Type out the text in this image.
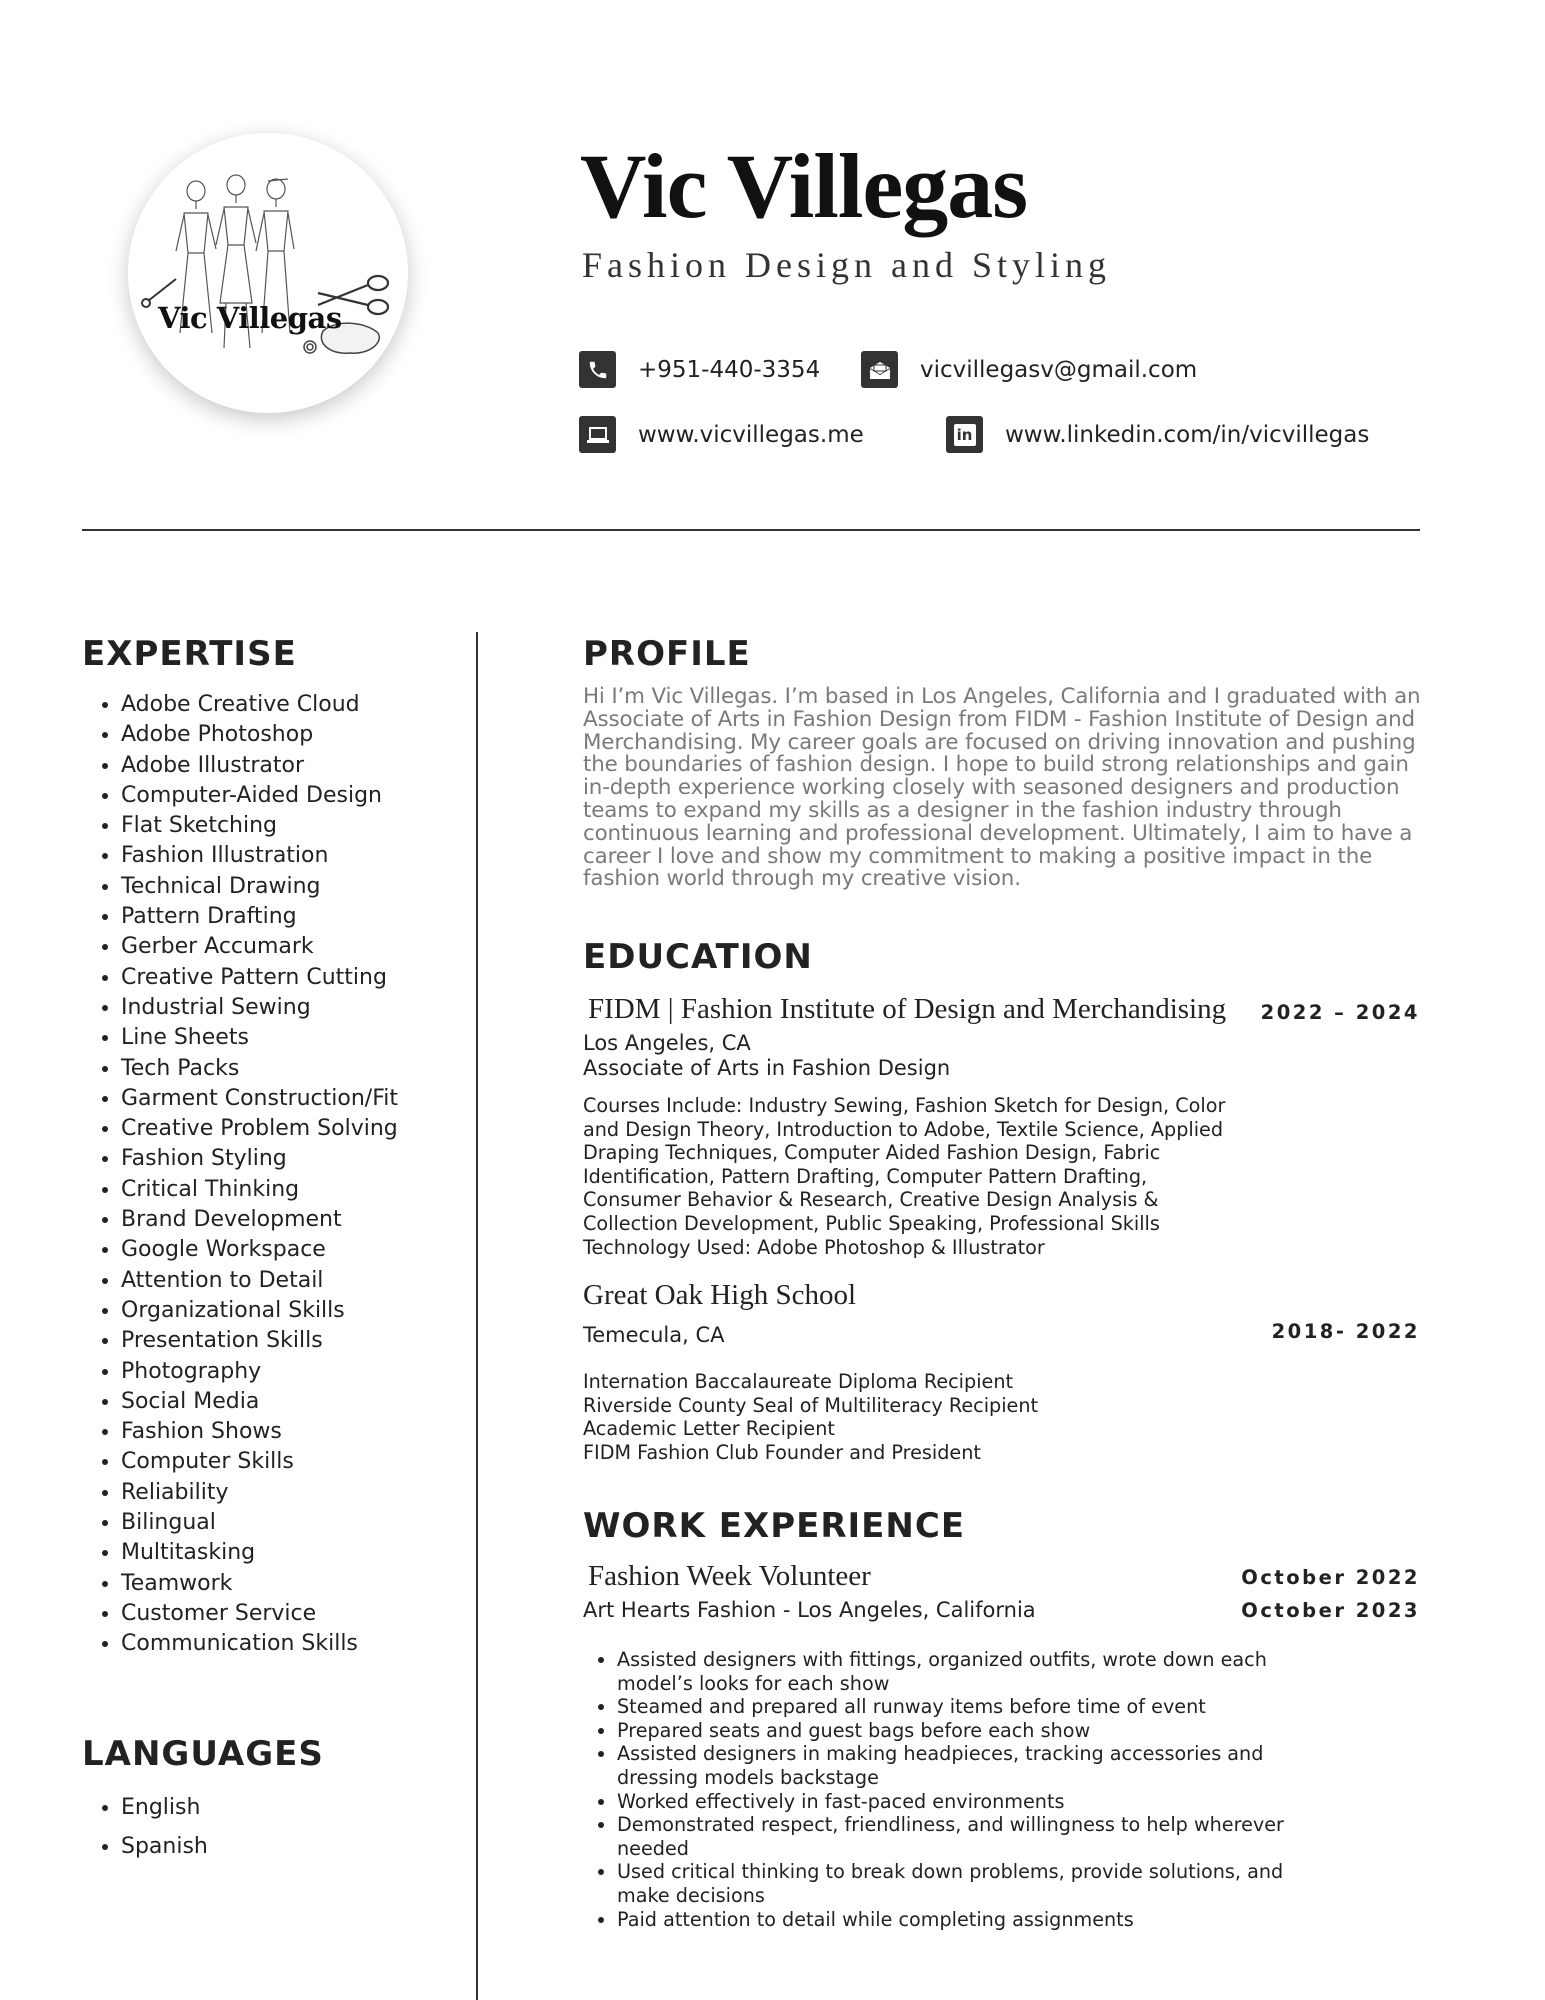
Vic Villegas
Vic Villegas
Fashion Design and Styling
+951-440-3354	vicvillegasv@gmail.com
www.vicvillegas.me	in www.linkedin.com/in/vicvillegas
EXPERTISE
• Adobe Creative Cloud
• Adobe Photoshop
• Adobe Illustrator
• Computer-Aided Design
• Flat Sketching
• Fashion Illustration
• Technical Drawing
• Pattern Drafting
• Gerber Accumark
• Creative Pattern Cutting
• Industrial Sewing
• Line Sheets
• Tech Packs
• Garment Construction/Fit
• Creative Problem Solving
• Fashion Styling
• Critical Thinking
• Brand Development
• Google Workspace
• Attention to Detail
• Organizational Skills
• Presentation Skills
• Photography
• Social Media
• Fashion Shows
• Computer Skills
• Reliability
• Bilingual
• Multitasking
• Teamwork
• Customer Service
• Communication Skills
LANGUAGES
• English
• Spanish
PROFILE
Hi I’m Vic Villegas. I’m based in Los Angeles, California and I graduated with an Associate of Arts in Fashion Design from FIDM - Fashion Institute of Design and Merchandising. My career goals are focused on driving innovation and pushing the boundaries of fashion design. I hope to build strong relationships and gain in-depth experience working closely with seasoned designers and production teams to expand my skills as a designer in the fashion industry through continuous learning and professional development. Ultimately, I aim to have a career I love and show my commitment to making a positive impact in the fashion world through my creative vision.
EDUCATION
FIDM | Fashion Institute of Design and Merchandising	2022 – 2024
Los Angeles, CA
Associate of Arts in Fashion Design
Courses Include: Industry Sewing, Fashion Sketch for Design, Color and Design Theory, Introduction to Adobe, Textile Science, Applied Draping Techniques, Computer Aided Fashion Design, Fabric Identification, Pattern Drafting, Computer Pattern Drafting, Consumer Behavior & Research, Creative Design Analysis & Collection Development, Public Speaking, Professional Skills
Technology Used: Adobe Photoshop & Illustrator
Great Oak High School
Temecula, CA	2018- 2022
Internation Baccalaureate Diploma Recipient
Riverside County Seal of Multiliteracy Recipient
Academic Letter Recipient
FIDM Fashion Club Founder and President
WORK EXPERIENCE
Fashion Week Volunteer	October 2022
Art Hearts Fashion - Los Angeles, California	October 2023
• Assisted designers with fittings, organized outfits, wrote down each model’s looks for each show
• Steamed and prepared all runway items before time of event
• Prepared seats and guest bags before each show
• Assisted designers in making headpieces, tracking accessories and dressing models backstage
• Worked effectively in fast-paced environments
• Demonstrated respect, friendliness, and willingness to help wherever needed
• Used critical thinking to break down problems, provide solutions, and make decisions
• Paid attention to detail while completing assignments
